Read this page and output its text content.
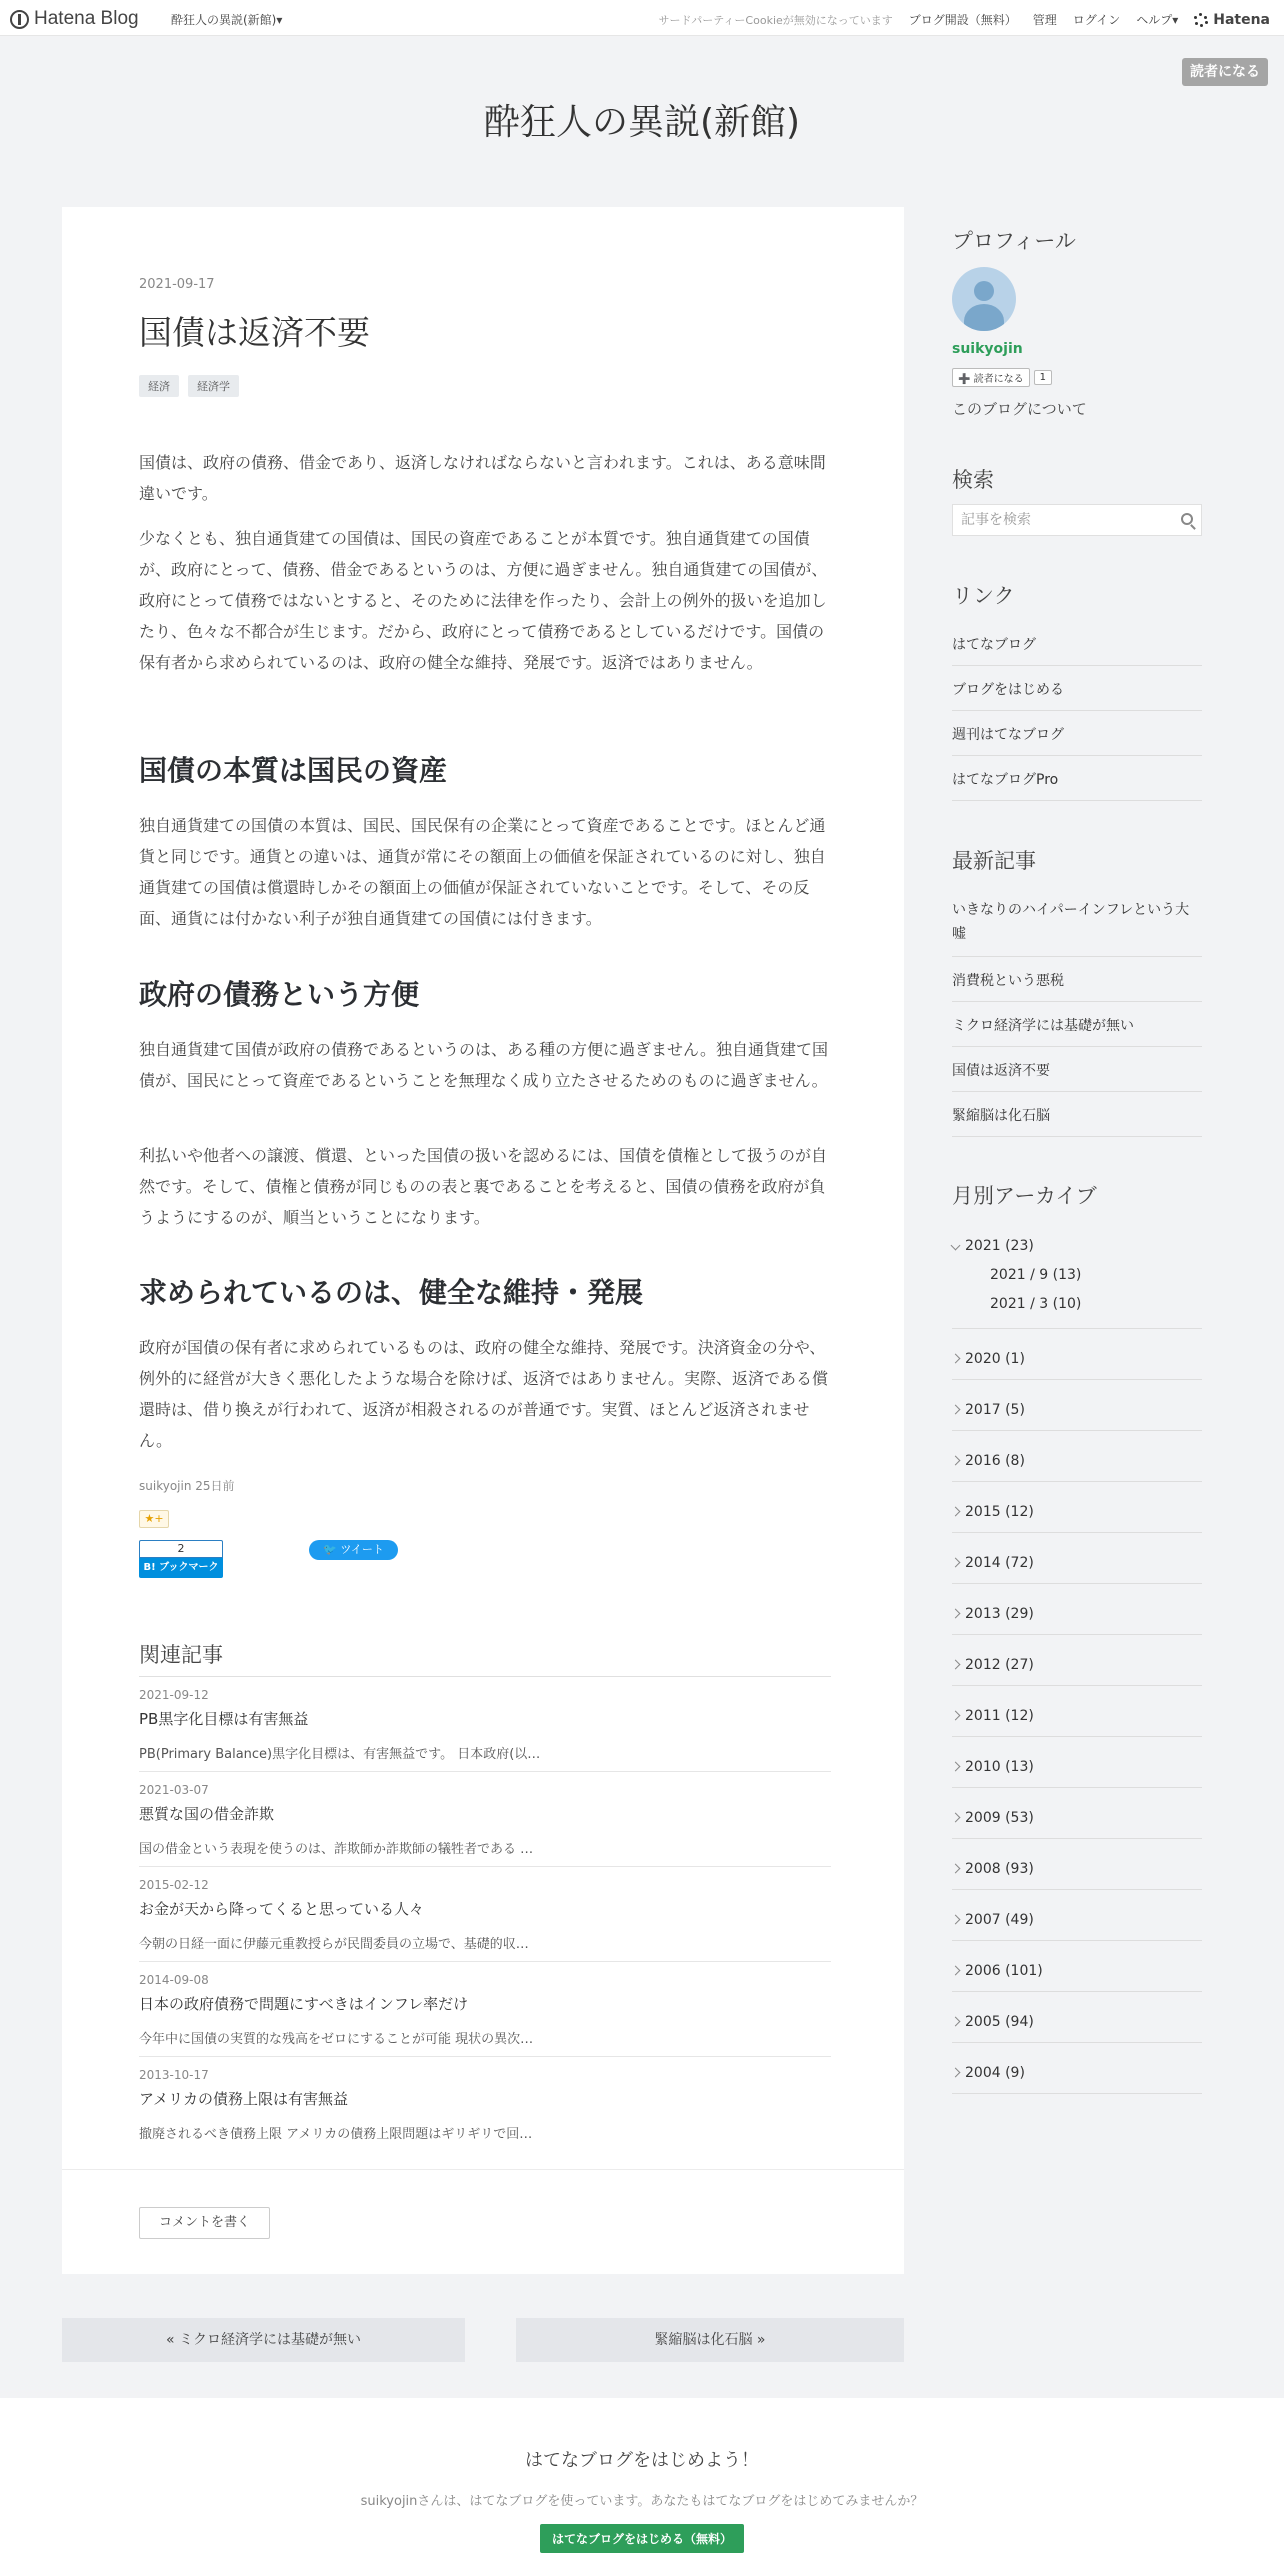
Hatena Blog	酔狂人の異説(新館)▾	サードパーティーCookieが無効になっています ブログ開設（無料） 管理 ログイン ヘルプ▾	Hatena
読者になる
酔狂人の異説(新館)
2021-09-17
国債は返済不要
経済	経済学
国債は、政府の債務、借金であり、返済しなければならないと言われます。これは、ある意味間違いです。
少なくとも、独自通貨建ての国債は、国民の資産であることが本質です。独自通貨建ての国債が、政府にとって、債務、借金であるというのは、方便に過ぎません。独自通貨建ての国債が、政府にとって債務ではないとすると、そのために法律を作ったり、会計上の例外的扱いを追加したり、色々な不都合が生じます。だから、政府にとって債務であるとしているだけです。国債の保有者から求められているのは、政府の健全な維持、発展です。返済ではありません。
国債の本質は国民の資産
独自通貨建ての国債の本質は、国民、国民保有の企業にとって資産であることです。ほとんど通貨と同じです。通貨との違いは、通貨が常にその額面上の価値を保証されているのに対し、独自通貨建ての国債は償還時しかその額面上の価値が保証されていないことです。そして、その反面、通貨には付かない利子が独自通貨建ての国債には付きます。
政府の債務という方便
独自通貨建て国債が政府の債務であるというのは、ある種の方便に過ぎません。独自通貨建て国債が、国民にとって資産であるということを無理なく成り立たさせるためのものに過ぎません。
利払いや他者への譲渡、償還、といった国債の扱いを認めるには、国債を債権として扱うのが自然です。そして、債権と債務が同じものの表と裏であることを考えると、国債の債務を政府が負うようにするのが、順当ということになります。
求められているのは、健全な維持・発展
政府が国債の保有者に求められているものは、政府の健全な維持、発展です。決済資金の分や、例外的に経営が大きく悪化したような場合を除けば、返済ではありません。実際、返済である償還時は、借り換えが行われて、返済が相殺されるのが普通です。実質、ほとんど返済されません。
suikyojin 25日前
★+
2
B! ブックマーク
🐦 ツイート
関連記事
2021-09-12
PB黒字化目標は有害無益
PB(Primary Balance)黒字化目標は、有害無益です。 日本政府(以…
2021-03-07
悪質な国の借金詐欺
国の借金という表現を使うのは、詐欺師か詐欺師の犠牲者である …
2015-02-12
お金が天から降ってくると思っている人々
今朝の日経一面に伊藤元重教授らが民間委員の立場で、基礎的収…
2014-09-08
日本の政府債務で問題にすべきはインフレ率だけ
今年中に国債の実質的な残高をゼロにすることが可能 現状の異次…
2013-10-17
アメリカの債務上限は有害無益
撤廃されるべき債務上限 アメリカの債務上限問題はギリギリで回…
コメントを書く
« ミクロ経済学には基礎が無い	緊縮脳は化石脳 »
プロフィール
suikyojin
➕ 読者になる	1
このブログについて
検索
記事を検索
リンク
はてなブログ
ブログをはじめる
週刊はてなブログ
はてなブログPro
最新記事
いきなりのハイパーインフレという大嘘
消費税という悪税
ミクロ経済学には基礎が無い
国債は返済不要
緊縮脳は化石脳
月別アーカイブ
2021 (23)
2021 / 9 (13)
2021 / 3 (10)
2020 (1)
2017 (5)
2016 (8)
2015 (12)
2014 (72)
2013 (29)
2012 (27)
2011 (12)
2010 (13)
2009 (53)
2008 (93)
2007 (49)
2006 (101)
2005 (94)
2004 (9)
はてなブログをはじめよう！
suikyojinさんは、はてなブログを使っています。あなたもはてなブログをはじめてみませんか？
はてなブログをはじめる（無料）
